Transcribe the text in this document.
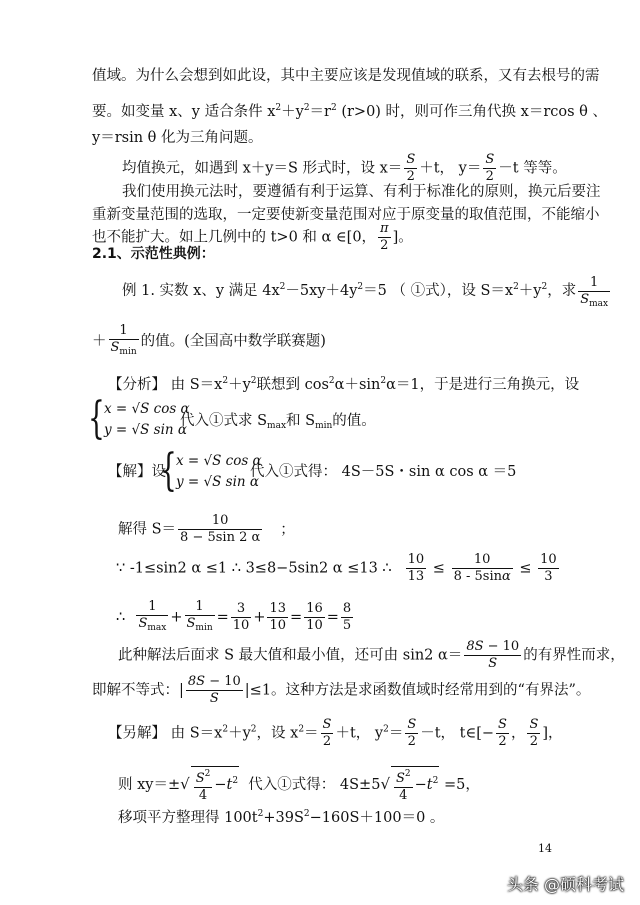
值域。为什么会想到如此设，其中主要应该是发现值域的联系，又有去根号的需
要。如变量 x、y 适合条件 $x^2+y^2=r^2$ (r>0) 时，则可作三角代换 x＝rcos θ 、
y＝rsin θ 化为三角问题。
均值换元，如遇到 x＋y＝S 形式时，设 $x= \frac{S}{2} +t$， $y= \frac{S}{2} -t$ 等等。
我们使用换元法时，要遵循有利于运算、有利于标准化的原则，换元后要注
重新变量范围的选取，一定要使新变量范围对应于原变量的取值范围，不能缩小
也不能扩大。如上几例中的 t>0 和 α ∈[0， $\frac{\pi}{2}$ ]。
2.1、示范性典例：
例 1. 实数 x、y 满足 $4x^2-5xy+4y^2=5$ （ ①式），设 $S=x^2+y^2$，求 $\frac{1}{S_{max}}$
＋ $\frac{1}{S_{min}}$ 的值。(全国高中数学联赛题)
【分析】 由 $S=x^2+y^2$联想到 $\cos^2\alpha+\sin^2\alpha=1$，于是进行三角换元，设
{ x = √S cos α
y = √S sin α
代入①式求 $S_{max}$和 $S_{min}$的值。
【解】设
{ x = √S cos α
y = √S sin α
代入①式得： 4S－5S・sin α cos α ＝5
解得 $S= \frac{10}{8 - 5\sin 2 \alpha}$ ；
∵ -1≤sin2 α ≤1 ∴ 3≤8−5sin2 α ≤13 ∴ $\frac{10}{13} \le \frac{10}{8 - 5\sin\alpha} \le \frac{10}{3}$
∴ $\frac{1}{S_{max}} + \frac{1}{S_{min}} = \frac{3}{10} + \frac{13}{10} = \frac{16}{10} = \frac{8}{5}$
此种解法后面求 S 最大值和最小值，还可由 sin2 $\alpha= \frac{8S - 10}{S}$ 的有界性而求，
即解不等式：| $\frac{8S - 10}{S} |\le 1$。这种方法是求函数值域时经常用到的“有界法”。
【另解】 由 $S=x^2+y^2$，设 $x^2= \frac{S}{2} +t$， $y^2= \frac{S}{2} -t$， t∈[− $\frac{S}{2}$ ， $\frac{S}{2}$ ]，
则 $xy=\pm√ \frac{S^2}{4} -t^2$ 代入①式得： $4S\pm 5√ \frac{S^2}{4} -t^2 =5$，
移项平方整理得 $100t^2+39S^2-160S+100=0$ 。
14
头条 @硕科考试
